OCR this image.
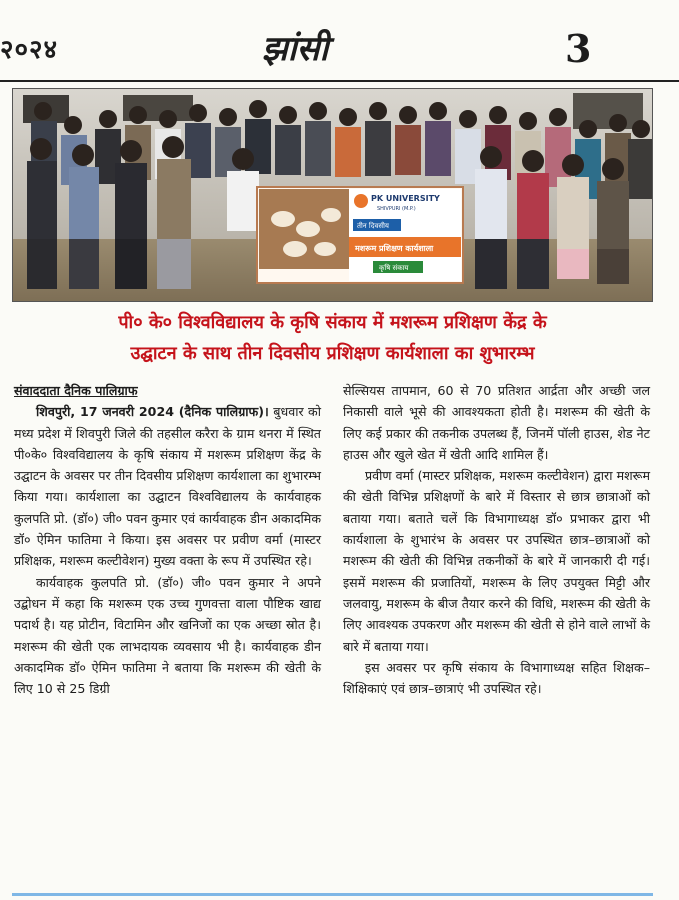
२०२४	झांसी	3
PK UNIVERSITY
SHIVPURI (M.P.)
तीन दिवसीय
मशरूम प्रशिक्षण कार्यशाला
कृषि संकाय
पी० के० विश्वविद्यालय के कृषि संकाय में मशरूम प्रशिक्षण केंद्र के
उद्घाटन के साथ तीन दिवसीय प्रशिक्षण कार्यशाला का शुभारम्भ

संवाददाता दैनिक पालिग्राफ

शिवपुरी, 17 जनवरी 2024 (दैनिक पालिग्राफ)। बुधवार को मध्य प्रदेश में शिवपुरी जिले की तहसील करैरा के ग्राम थनरा में स्थित पी०के० विश्वविद्यालय के कृषि संकाय में मशरूम प्रशिक्षण केंद्र के उद्घाटन के अवसर पर तीन दिवसीय प्रशिक्षण कार्यशाला का शुभारम्भ किया गया। कार्यशाला का उद्घाटन विश्वविद्यालय के कार्यवाहक कुलपति प्रो. (डॉ०) जी० पवन कुमार एवं कार्यवाहक डीन अकादमिक डॉ० ऐमिन फातिमा ने किया। इस अवसर पर प्रवीण वर्मा (मास्टर प्रशिक्षक, मशरूम कल्टीवेशन) मुख्य वक्ता के रूप में उपस्थित रहे।

कार्यवाहक कुलपति प्रो. (डॉ०) जी० पवन कुमार ने अपने उद्बोधन में कहा कि मशरूम एक उच्च गुणवत्ता वाला पौष्टिक खाद्य पदार्थ है। यह प्रोटीन, विटामिन और खनिजों का एक अच्छा स्रोत है। मशरूम की खेती एक लाभदायक व्यवसाय भी है। कार्यवाहक डीन अकादमिक डॉ० ऐमिन फातिमा ने बताया कि मशरूम की खेती के लिए 10 से 25 डिग्री

सेल्सियस तापमान, 60 से 70 प्रतिशत आर्द्रता और अच्छी जल निकासी वाले भूसे की आवश्यकता होती है। मशरूम की खेती के लिए कई प्रकार की तकनीक उपलब्ध हैं, जिनमें पॉली हाउस, शेड नेट हाउस और खुले खेत में खेती आदि शामिल हैं।

प्रवीण वर्मा (मास्टर प्रशिक्षक, मशरूम कल्टीवेशन) द्वारा मशरूम की खेती विभिन्न प्रशिक्षणों के बारे में विस्तार से छात्र छात्राओं को बताया गया। बताते चलें कि विभागाध्यक्ष डॉ० प्रभाकर द्वारा भी कार्यशाला के शुभारंभ के अवसर पर उपस्थित छात्र–छात्राओं को मशरूम की खेती की विभिन्न तकनीकों के बारे में जानकारी दी गई। इसमें मशरूम की प्रजातियों, मशरूम के लिए उपयुक्त मिट्टी और जलवायु, मशरूम के बीज तैयार करने की विधि, मशरूम की खेती के लिए आवश्यक उपकरण और मशरूम की खेती से होने वाले लाभों के बारे में बताया गया।

इस अवसर पर कृषि संकाय के विभागाध्यक्ष सहित शिक्षक–शिक्षिकाएं एवं छात्र–छात्राएं भी उपस्थित रहे।
